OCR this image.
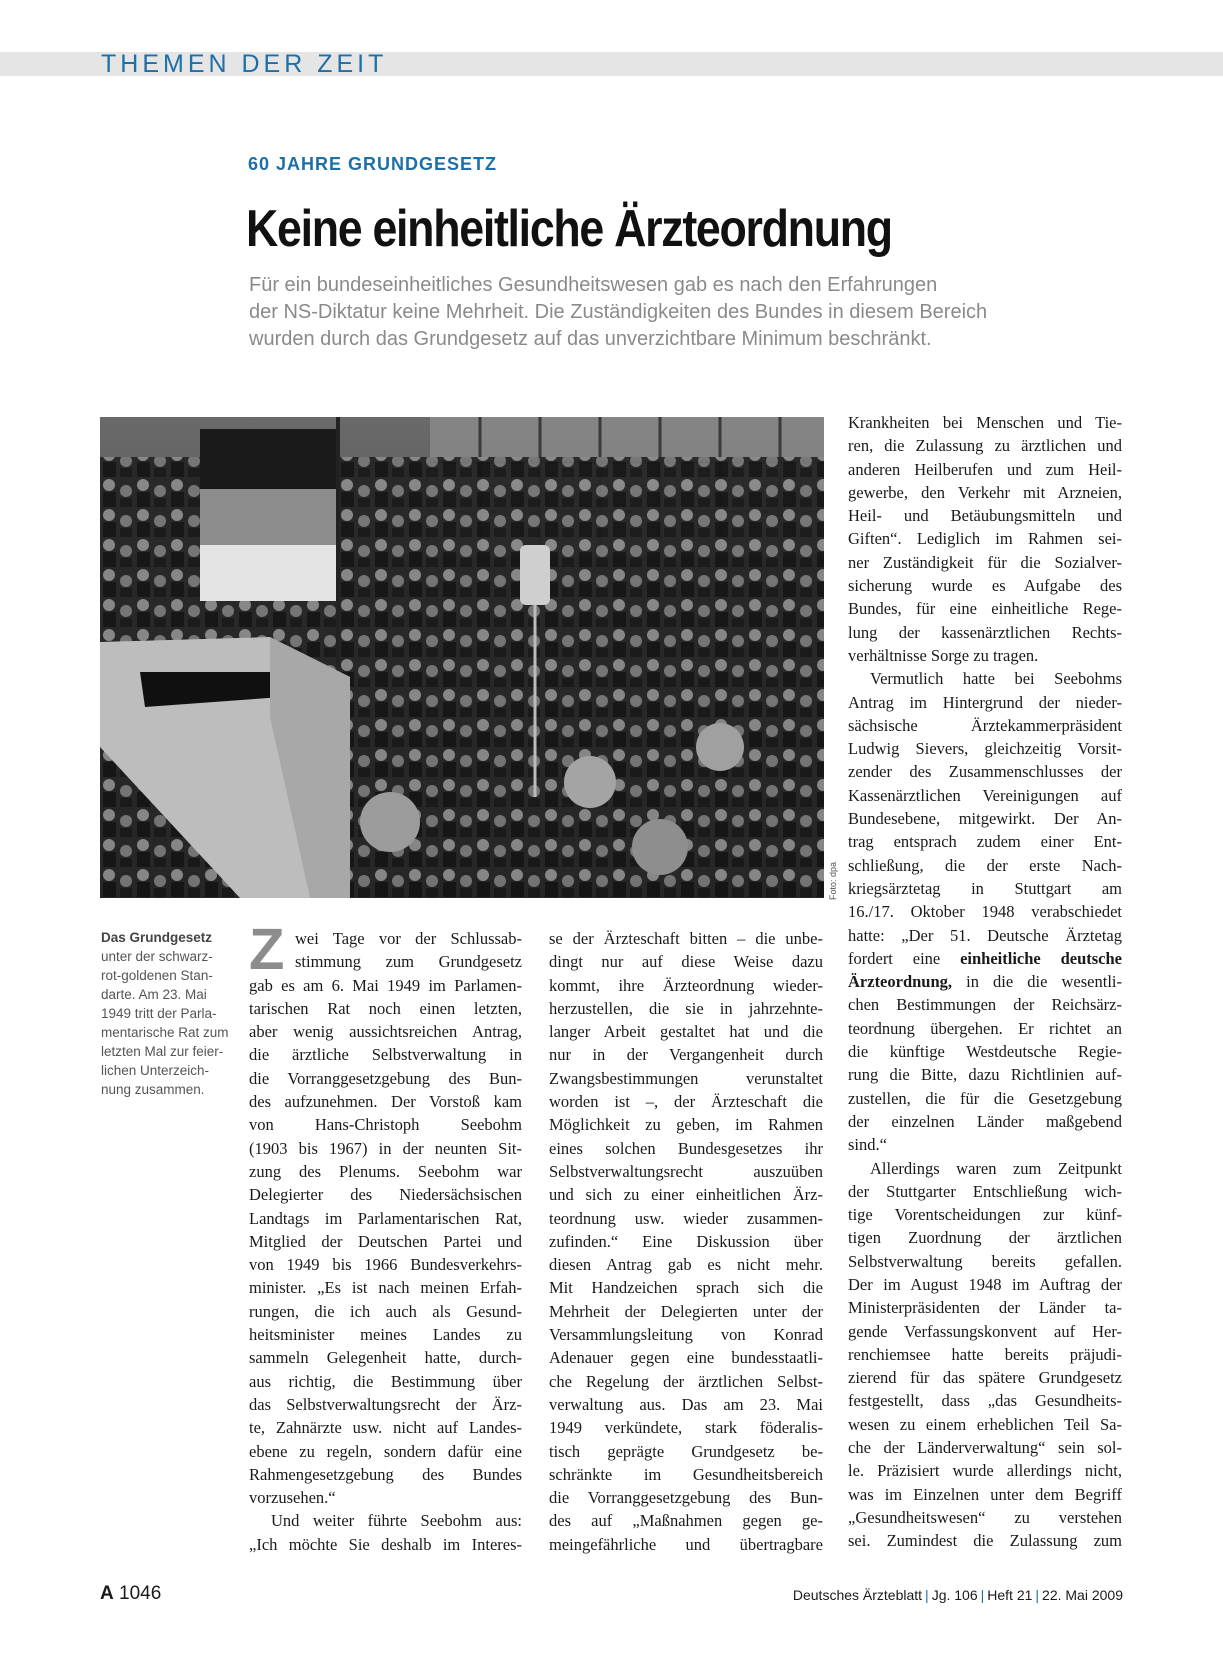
THEMEN DER ZEIT
60 JAHRE GRUNDGESETZ
Keine einheitliche Ärzteordnung
Für ein bundeseinheitliches Gesundheitswesen gab es nach den Erfahrungen
der NS-Diktatur keine Mehrheit. Die Zuständigkeiten des Bundes in diesem Bereich
wurden durch das Grundgesetz auf das unverzichtbare Minimum beschränkt.
Foto: dpa
Das Grundgesetz
unter der schwarz-
rot-goldenen Stan-
darte. Am 23. Mai
1949 tritt der Parla-
mentarische Rat zum
letzten Mal zur feier-
lichen Unterzeich-
nung zusammen.
Z wei Tage vor der Schlussab-
stimmung zum Grundgesetz
gab es am 6. Mai 1949 im Parlamen-
tarischen Rat noch einen letzten,
aber wenig aussichtsreichen Antrag,
die ärztliche Selbstverwaltung in
die Vorranggesetzgebung des Bun-
des aufzunehmen. Der Vorstoß kam
von Hans-Christoph Seebohm
(1903 bis 1967) in der neunten Sit-
zung des Plenums. Seebohm war
Delegierter des Niedersächsischen
Landtags im Parlamentarischen Rat,
Mitglied der Deutschen Partei und
von 1949 bis 1966 Bundesverkehrs-
minister. „Es ist nach meinen Erfah-
rungen, die ich auch als Gesund-
heitsminister meines Landes zu
sammeln Gelegenheit hatte, durch-
aus richtig, die Bestimmung über
das Selbstverwaltungsrecht der Ärz-
te, Zahnärzte usw. nicht auf Landes-
ebene zu regeln, sondern dafür eine
Rahmengesetzgebung des Bundes
vorzusehen.“
Und weiter führte Seebohm aus:
„Ich möchte Sie deshalb im Interes-
se der Ärzteschaft bitten – die unbe-
dingt nur auf diese Weise dazu
kommt, ihre Ärzteordnung wieder-
herzustellen, die sie in jahrzehnte-
langer Arbeit gestaltet hat und die
nur in der Vergangenheit durch
Zwangsbestimmungen verunstaltet
worden ist –, der Ärzteschaft die
Möglichkeit zu geben, im Rahmen
eines solchen Bundesgesetzes ihr
Selbstverwaltungsrecht auszuüben
und sich zu einer einheitlichen Ärz-
teordnung usw. wieder zusammen-
zufinden.“ Eine Diskussion über
diesen Antrag gab es nicht mehr.
Mit Handzeichen sprach sich die
Mehrheit der Delegierten unter der
Versammlungsleitung von Konrad
Adenauer gegen eine bundesstaatli-
che Regelung der ärztlichen Selbst-
verwaltung aus. Das am 23. Mai
1949 verkündete, stark föderalis-
tisch geprägte Grundgesetz be-
schränkte im Gesundheitsbereich
die Vorranggesetzgebung des Bun-
des auf „Maßnahmen gegen ge-
meingefährliche und übertragbare
Krankheiten bei Menschen und Tie-
ren, die Zulassung zu ärztlichen und
anderen Heilberufen und zum Heil-
gewerbe, den Verkehr mit Arzneien,
Heil- und Betäubungsmitteln und
Giften“. Lediglich im Rahmen sei-
ner Zuständigkeit für die Sozialver-
sicherung wurde es Aufgabe des
Bundes, für eine einheitliche Rege-
lung der kassenärztlichen Rechts-
verhältnisse Sorge zu tragen.
Vermutlich hatte bei Seebohms
Antrag im Hintergrund der nieder-
sächsische Ärztekammerpräsident
Ludwig Sievers, gleichzeitig Vorsit-
zender des Zusammenschlusses der
Kassenärztlichen Vereinigungen auf
Bundesebene, mitgewirkt. Der An-
trag entsprach zudem einer Ent-
schließung, die der erste Nach-
kriegsärztetag in Stuttgart am
16./17. Oktober 1948 verabschiedet
hatte: „Der 51. Deutsche Ärztetag
fordert eine einheitliche deutsche
Ärzteordnung, in die die wesentli-
chen Bestimmungen der Reichsärz-
teordnung übergehen. Er richtet an
die künftige Westdeutsche Regie-
rung die Bitte, dazu Richtlinien auf-
zustellen, die für die Gesetzgebung
der einzelnen Länder maßgebend
sind.“
Allerdings waren zum Zeitpunkt
der Stuttgarter Entschließung wich-
tige Vorentscheidungen zur künf-
tigen Zuordnung der ärztlichen
Selbstverwaltung bereits gefallen.
Der im August 1948 im Auftrag der
Ministerpräsidenten der Länder ta-
gende Verfassungskonvent auf Her-
renchiemsee hatte bereits präjudi-
zierend für das spätere Grundgesetz
festgestellt, dass „das Gesundheits-
wesen zu einem erheblichen Teil Sa-
che der Länderverwaltung“ sein sol-
le. Präzisiert wurde allerdings nicht,
was im Einzelnen unter dem Begriff
„Gesundheitswesen“ zu verstehen
sei. Zumindest die Zulassung zum
A 1046	Deutsches Ärzteblatt | Jg. 106 | Heft 21 | 22. Mai 2009
